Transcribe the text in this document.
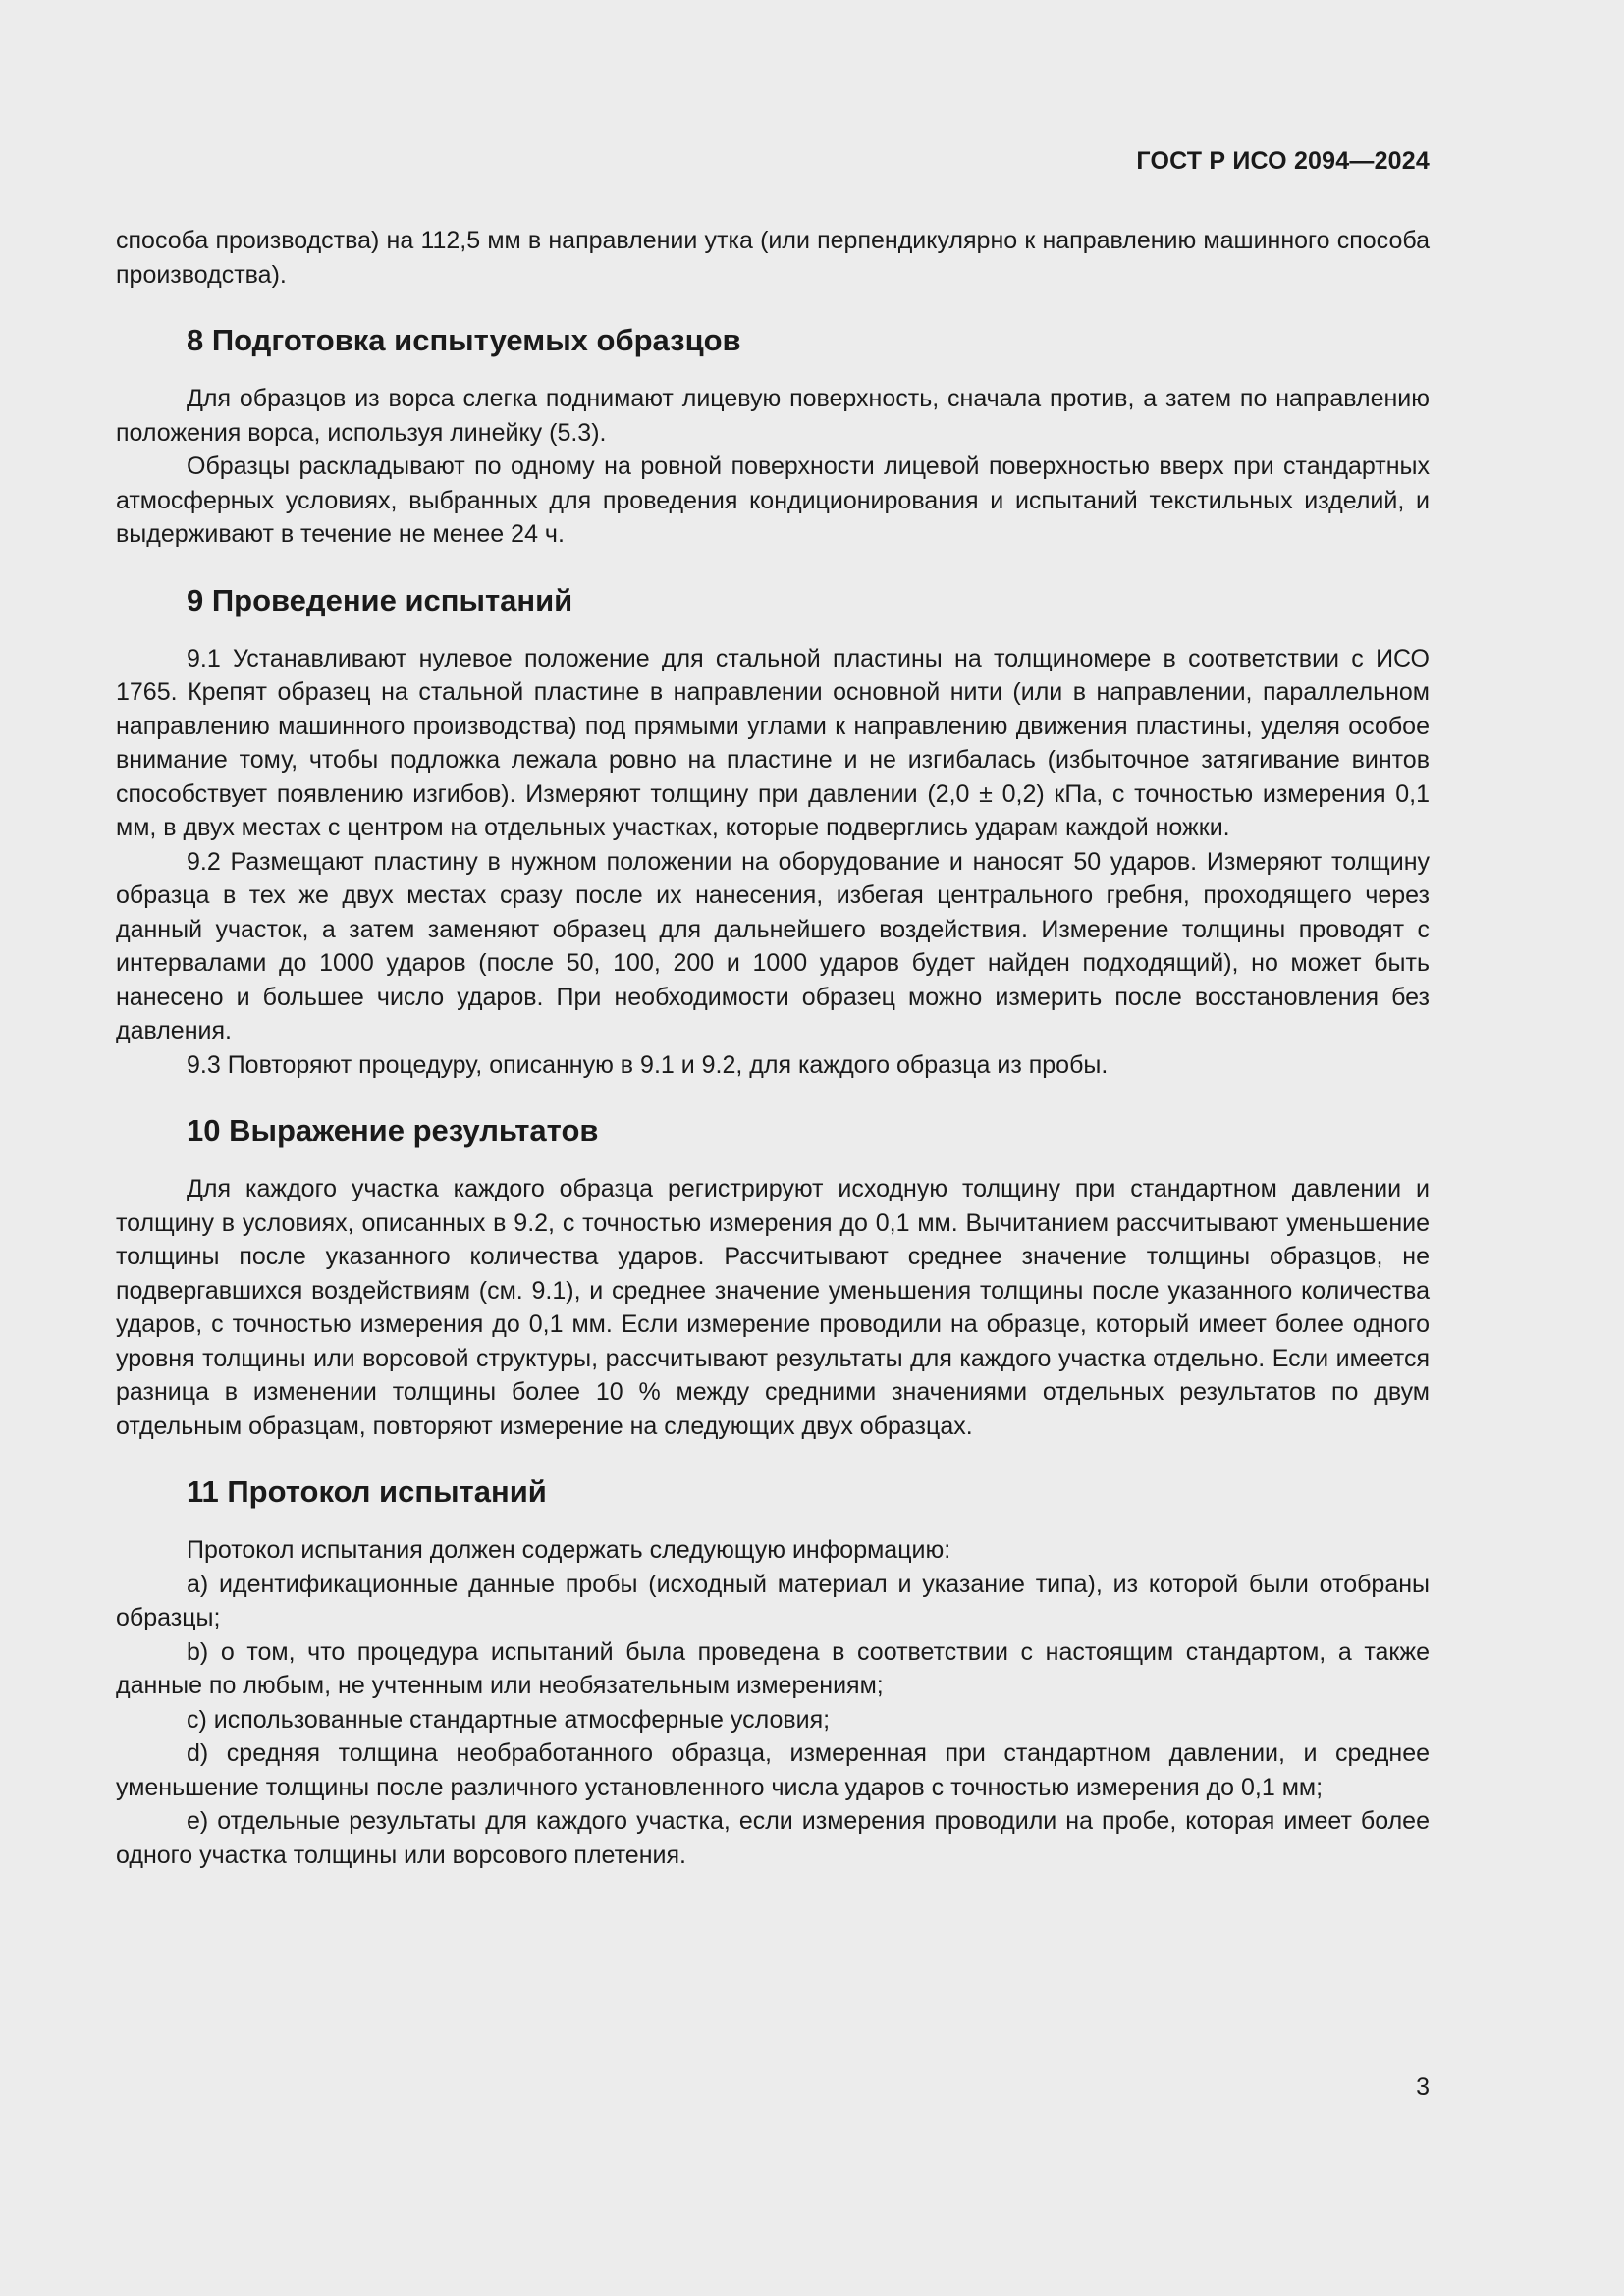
ГОСТ Р ИСО 2094—2024

способа производства) на 112,5 мм в направлении утка (или перпендикулярно к направлению машинного способа производства).

8 Подготовка испытуемых образцов

Для образцов из ворса слегка поднимают лицевую поверхность, сначала против, а затем по направлению положения ворса, используя линейку (5.3).

Образцы раскладывают по одному на ровной поверхности лицевой поверхностью вверх при стандартных атмосферных условиях, выбранных для проведения кондиционирования и испытаний текстильных изделий, и выдерживают в течение не менее 24 ч.

9 Проведение испытаний

9.1 Устанавливают нулевое положение для стальной пластины на толщиномере в соответствии с ИСО 1765. Крепят образец на стальной пластине в направлении основной нити (или в направлении, параллельном направлению машинного производства) под прямыми углами к направлению движения пластины, уделяя особое внимание тому, чтобы подложка лежала ровно на пластине и не изгибалась (избыточное затягивание винтов способствует появлению изгибов). Измеряют толщину при давлении (2,0 ± 0,2) кПа, с точностью измерения 0,1 мм, в двух местах с центром на отдельных участках, которые подверглись ударам каждой ножки.

9.2 Размещают пластину в нужном положении на оборудование и наносят 50 ударов. Измеряют толщину образца в тех же двух местах сразу после их нанесения, избегая центрального гребня, проходящего через данный участок, а затем заменяют образец для дальнейшего воздействия. Измерение толщины проводят с интервалами до 1000 ударов (после 50, 100, 200 и 1000 ударов будет найден подходящий), но может быть нанесено и большее число ударов. При необходимости образец можно измерить после восстановления без давления.

9.3 Повторяют процедуру, описанную в 9.1 и 9.2, для каждого образца из пробы.

10 Выражение результатов

Для каждого участка каждого образца регистрируют исходную толщину при стандартном давлении и толщину в условиях, описанных в 9.2, с точностью измерения до 0,1 мм. Вычитанием рассчитывают уменьшение толщины после указанного количества ударов. Рассчитывают среднее значение толщины образцов, не подвергавшихся воздействиям (см. 9.1), и среднее значение уменьшения толщины после указанного количества ударов, с точностью измерения до 0,1 мм. Если измерение проводили на образце, который имеет более одного уровня толщины или ворсовой структуры, рассчитывают результаты для каждого участка отдельно. Если имеется разница в изменении толщины более 10 % между средними значениями отдельных результатов по двум отдельным образцам, повторяют измерение на следующих двух образцах.

11 Протокол испытаний

Протокол испытания должен содержать следующую информацию:

a) идентификационные данные пробы (исходный материал и указание типа), из которой были отобраны образцы;

b) о том, что процедура испытаний была проведена в соответствии с настоящим стандартом, а также данные по любым, не учтенным или необязательным измерениям;

c) использованные стандартные атмосферные условия;

d) средняя толщина необработанного образца, измеренная при стандартном давлении, и среднее уменьшение толщины после различного установленного числа ударов с точностью измерения до 0,1 мм;

e) отдельные результаты для каждого участка, если измерения проводили на пробе, которая имеет более одного участка толщины или ворсового плетения.

3
